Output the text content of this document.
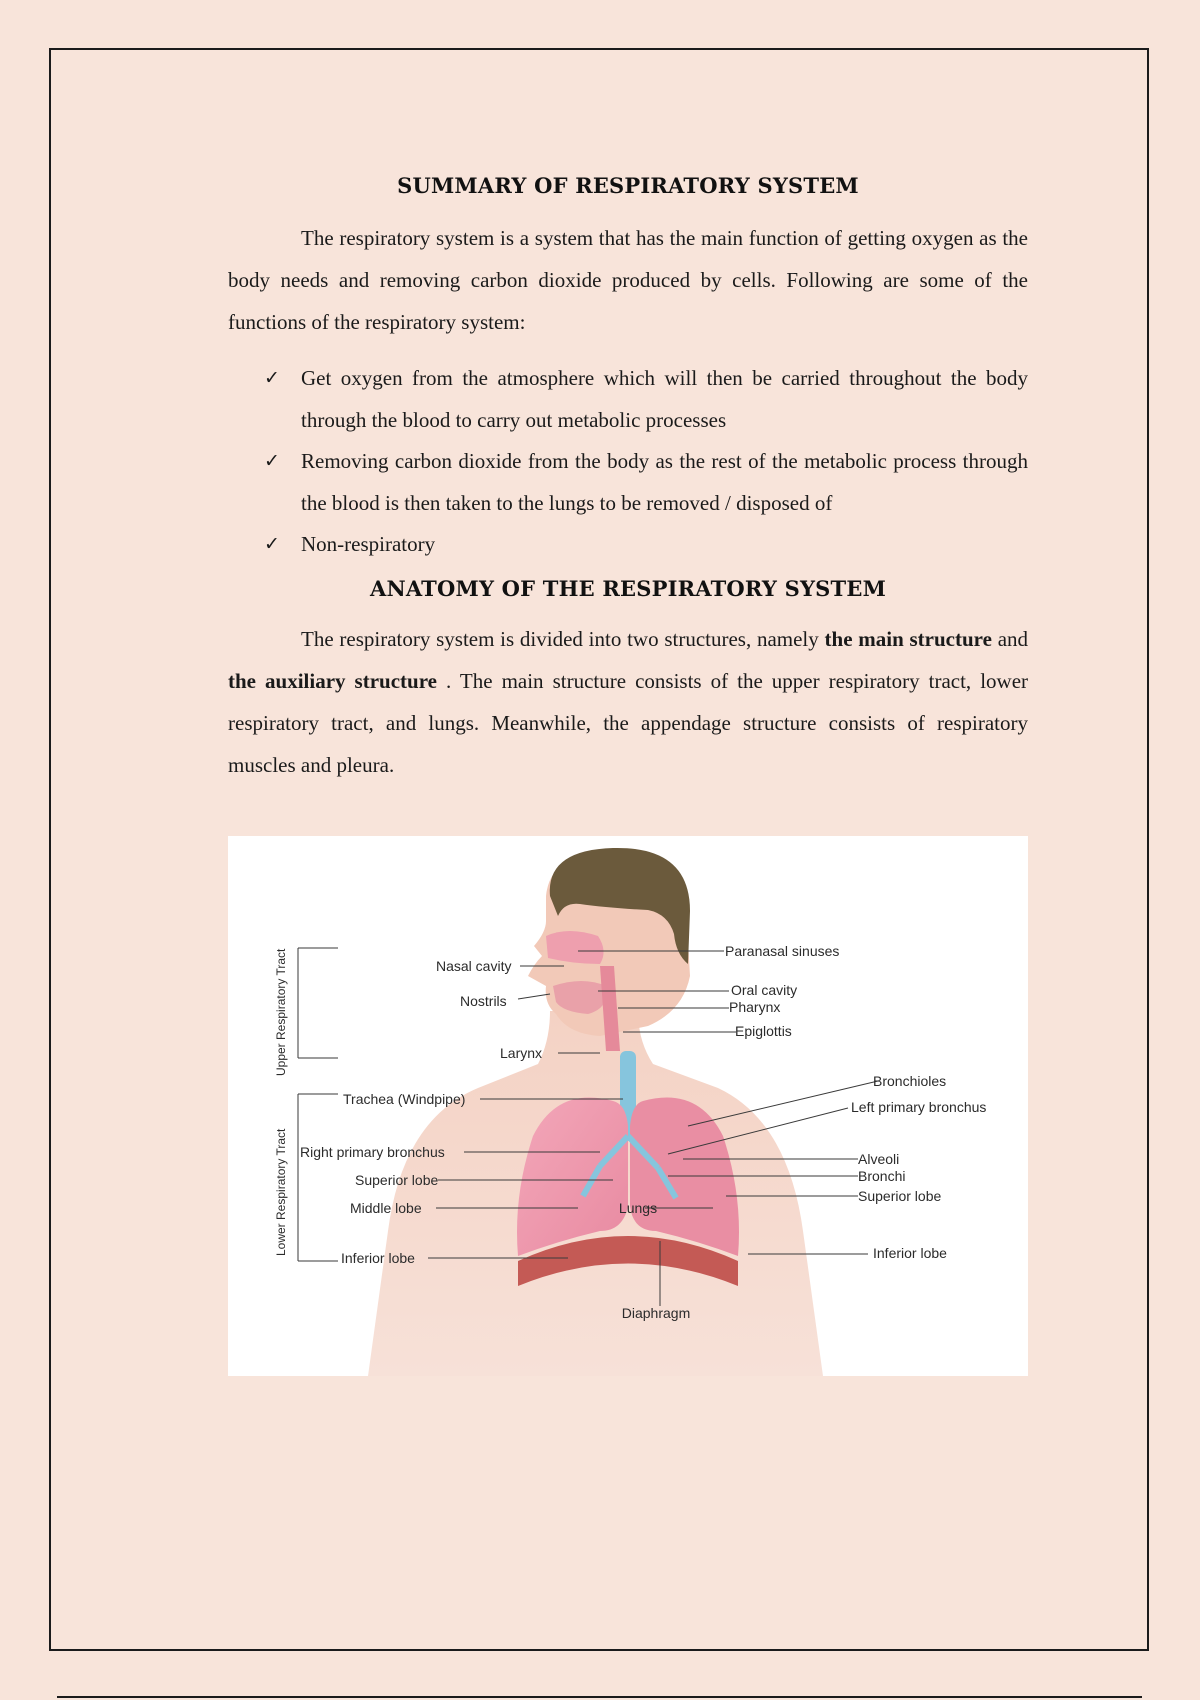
SUMMARY OF RESPIRATORY SYSTEM

The respiratory system is a system that has the main function of getting oxygen as the body needs and removing carbon dioxide produced by cells. Following are some of the functions of the respiratory system:

✓ Get oxygen from the atmosphere which will then be carried throughout the body through the blood to carry out metabolic processes
✓ Removing carbon dioxide from the body as the rest of the metabolic process through the blood is then taken to the lungs to be removed / disposed of
✓ Non-respiratory
ANATOMY OF THE RESPIRATORY SYSTEM

The respiratory system is divided into two structures, namely the main structure and the auxiliary structure . The main structure consists of the upper respiratory tract, lower respiratory tract, and lungs. Meanwhile, the appendage structure consists of respiratory muscles and pleura.

Upper Respiratory Tract
Lower Respiratory Tract
Nasal cavity
Nostrils
Larynx
Trachea (Windpipe)
Right primary bronchus
Superior lobe
Middle lobe
Inferior lobe
Lungs
Diaphragm
Paranasal sinuses
Oral cavity
Pharynx
Epiglottis
Bronchioles
Left primary bronchus
Alveoli
Bronchi
Superior lobe
Inferior lobe
